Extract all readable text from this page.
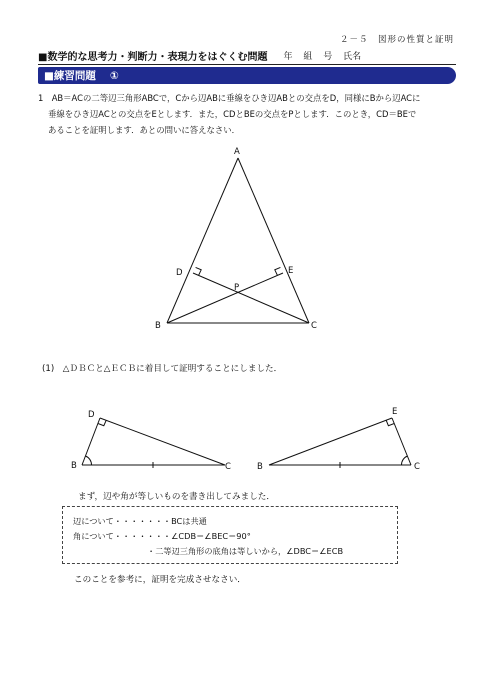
２－５　図形の性質と証明
■数学的な思考力・判断力・表現力をはぐくむ問題	年 組 号 氏名
■練習問題 ①
1　AB＝ACの二等辺三角形ABCで，Cから辺ABに垂線をひき辺ABとの交点をD，同様にBから辺ACに
垂線をひき辺ACとの交点をEとします．また，CDとBEの交点をPとします．このとき，CD＝BEで
あることを証明します．あとの問いに答えなさい．
A
B	C
D	E
P
D
B	C
E
B	C
(1)　△ＤＢＣと△ＥＣＢに着目して証明することにしました．
まず，辺や角が等しいものを書き出してみました．
辺について・・・・・・・BCは共通
角について・・・・・・・∠CDB＝∠BEC＝90°
・二等辺三角形の底角は等しいから，∠DBC＝∠ECB
このことを参考に，証明を完成させなさい．
